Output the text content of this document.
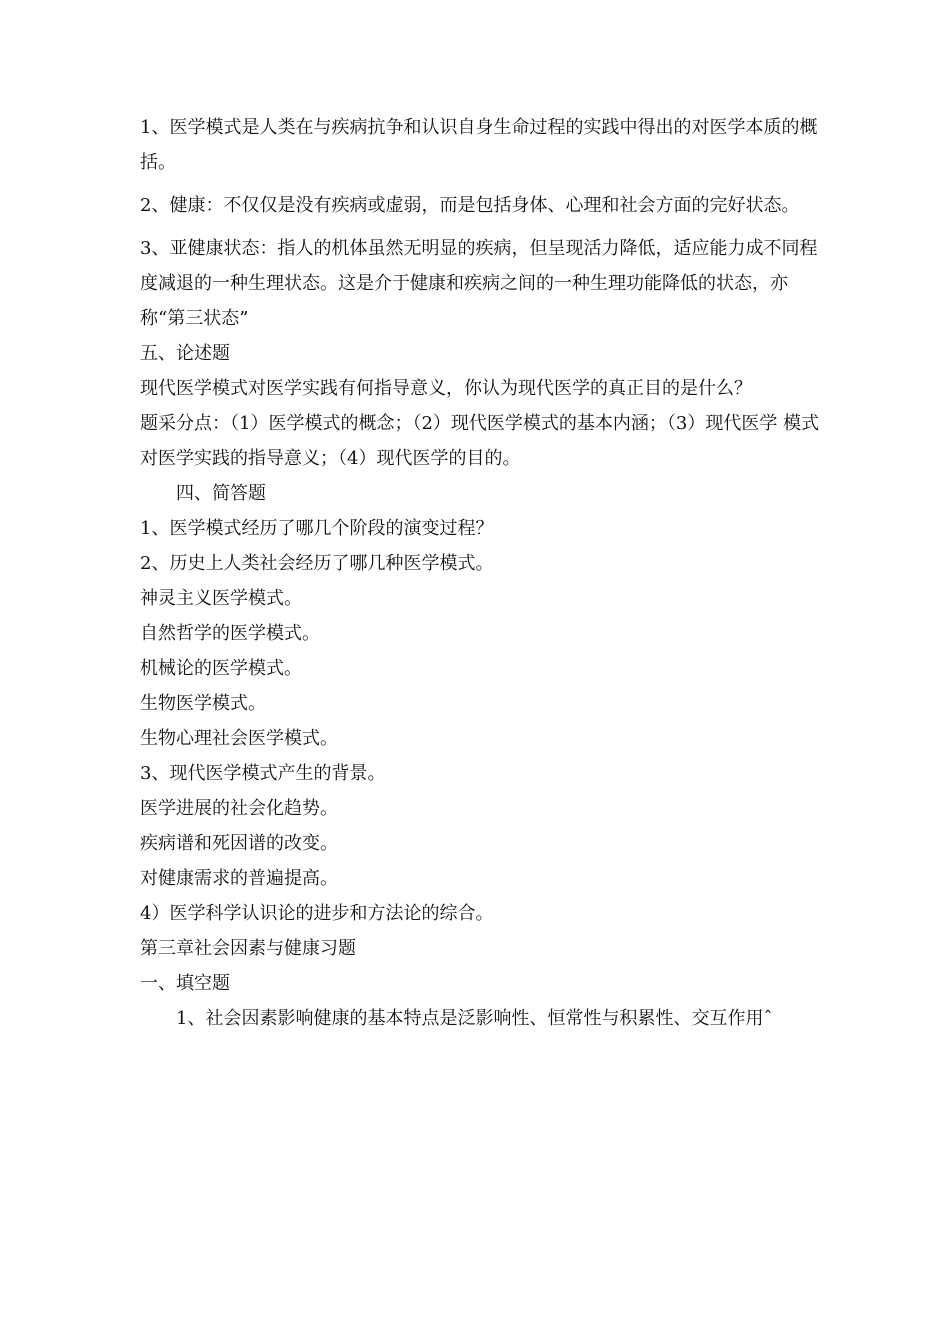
1、医学模式是人类在与疾病抗争和认识自身生命过程的实践中得出的对医学本质的概括。

2、健康：不仅仅是没有疾病或虚弱，而是包括身体、心理和社会方面的完好状态。

3、亚健康状态：指人的机体虽然无明显的疾病，但呈现活力降低，适应能力成不同程度减退的一种生理状态。这是介于健康和疾病之间的一种生理功能降低的状态，亦称“第三状态”

五、论述题

现代医学模式对医学实践有何指导意义，你认为现代医学的真正目的是什么？

题采分点：（1）医学模式的概念；（2）现代医学模式的基本内涵；（3）现代医学 模式对医学实践的指导意义；（4）现代医学的目的。

四、简答题

1、医学模式经历了哪几个阶段的演变过程？

2、历史上人类社会经历了哪几种医学模式。

神灵主义医学模式。

自然哲学的医学模式。

机械论的医学模式。

生物医学模式。

生物心理社会医学模式。

3、现代医学模式产生的背景。

医学进展的社会化趋势。

疾病谱和死因谱的改变。

对健康需求的普遍提高。

4）医学科学认识论的进步和方法论的综合。

第三章社会因素与健康习题

一、填空题

1、社会因素影响健康的基本特点是泛影响性、恒常性与积累性、交互作用ˆ
